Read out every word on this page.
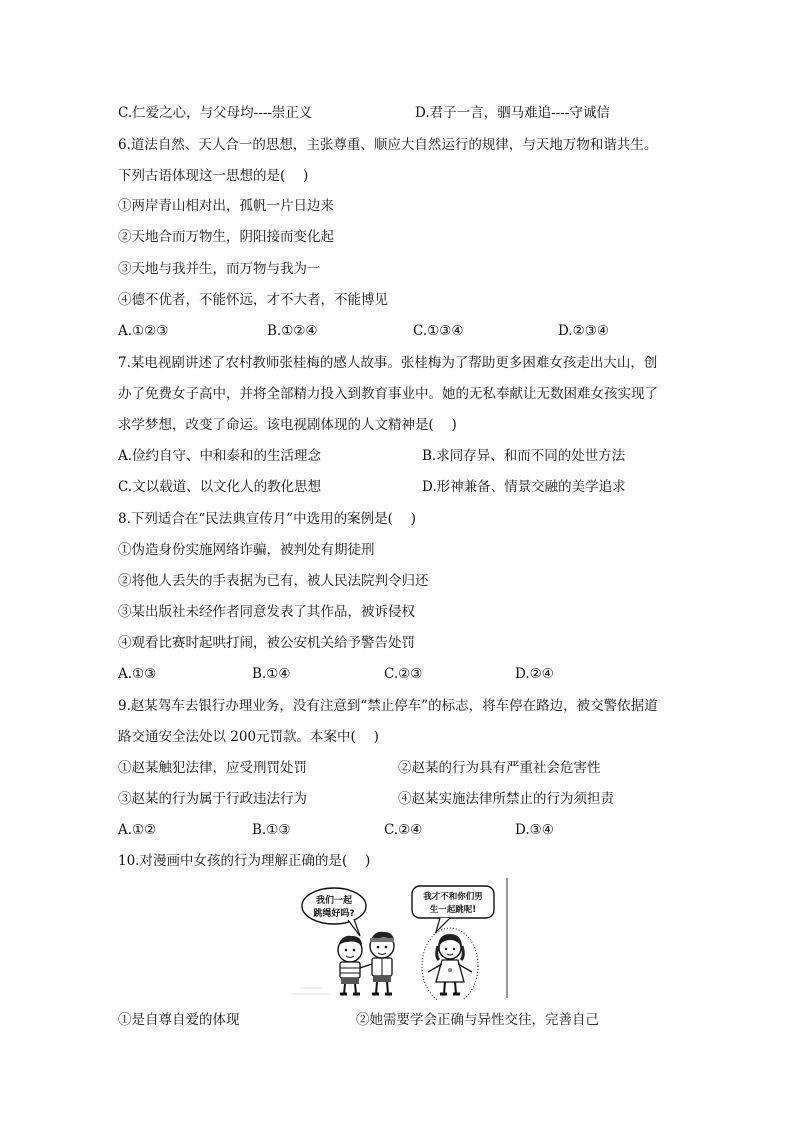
C.仁爱之心，与父母均----崇正义	D.君子一言，驷马难追----守诚信
6.道法自然、天人合一的思想，主张尊重、顺应大自然运行的规律，与天地万物和谐共生。
下列古语体现这一思想的是(　 )
①两岸青山相对出，孤帆一片日边来
②天地合而万物生，阴阳接而变化起
③天地与我并生，而万物与我为一
④德不优者，不能怀远，才不大者，不能博见
A.①②③	B.①②④	C.①③④	D.②③④
7.某电视剧讲述了农村教师张桂梅的感人故事。张桂梅为了帮助更多困难女孩走出大山，创
办了免费女子高中，并将全部精力投入到教育事业中。她的无私奉献让无数困难女孩实现了
求学梦想，改变了命运。该电视剧体现的人文精神是(　 )
A.俭约自守、中和泰和的生活理念	B.求同存异、和而不同的处世方法
C.文以载道、以文化人的教化思想	D.形神兼备、情景交融的美学追求
8.下列适合在“民法典宣传月”中选用的案例是(　 )
①伪造身份实施网络诈骗，被判处有期徒刑
②将他人丢失的手表据为已有，被人民法院判令归还
③某出版社未经作者同意发表了其作品，被诉侵权
④观看比赛时起哄打闹，被公安机关给予警告处罚
A.①③	B.①④	C.②③	D.②④
9.赵某驾车去银行办理业务，没有注意到“禁止停车”的标志，将车停在路边，被交警依据道
路交通安全法处以 200元罚款。本案中(　 )
①赵某触犯法律，应受刑罚处罚	②赵某的行为具有严重社会危害性
③赵某的行为属于行政违法行为	④赵某实施法律所禁止的行为须担责
A.①②	B.①③	C.②④	D.③④
10.对漫画中女孩的行为理解正确的是(　 )
我们一起
跳绳好吗?
我才不和你们男
生一起跳呢!
①是自尊自爱的体现	②她需要学会正确与异性交往，完善自己
